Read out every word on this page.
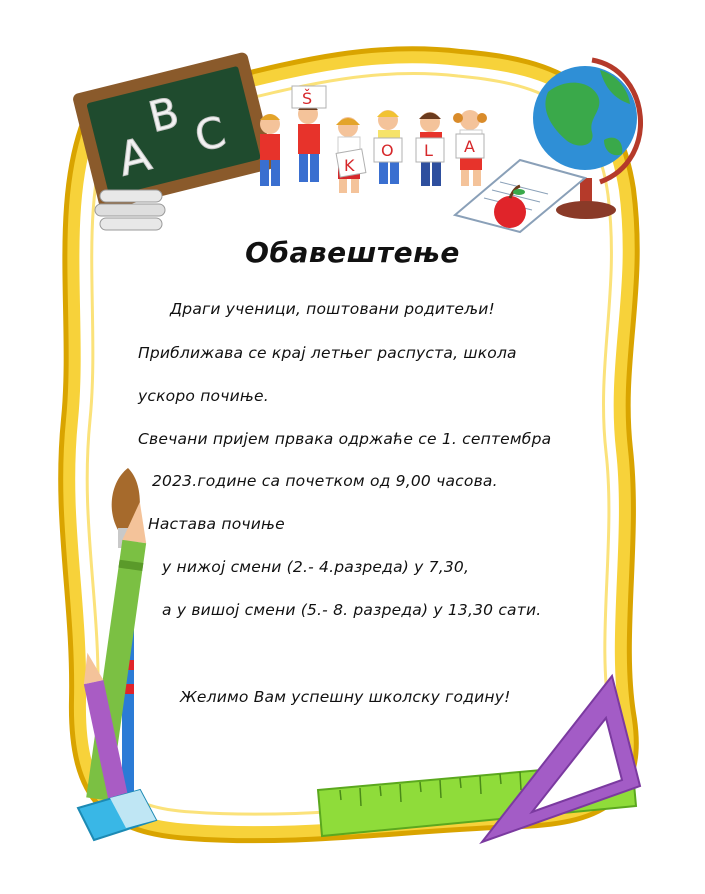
A
B C
Š
K
O L A
Обавештење

Драги ученици, поштовани родитељи!

Приближава се крај летњег распуста, школа

ускоро почиње.

Свечани пријем првака одржаће се 1. септембра

2023.године са почетком од 9,00 часова.

Настава почиње

у нижој смени (2.- 4.разреда) у 7,30,

а у вишој смени (5.- 8. разреда) у 13,30 сати.

Желимо Вам успешну школску годину!
